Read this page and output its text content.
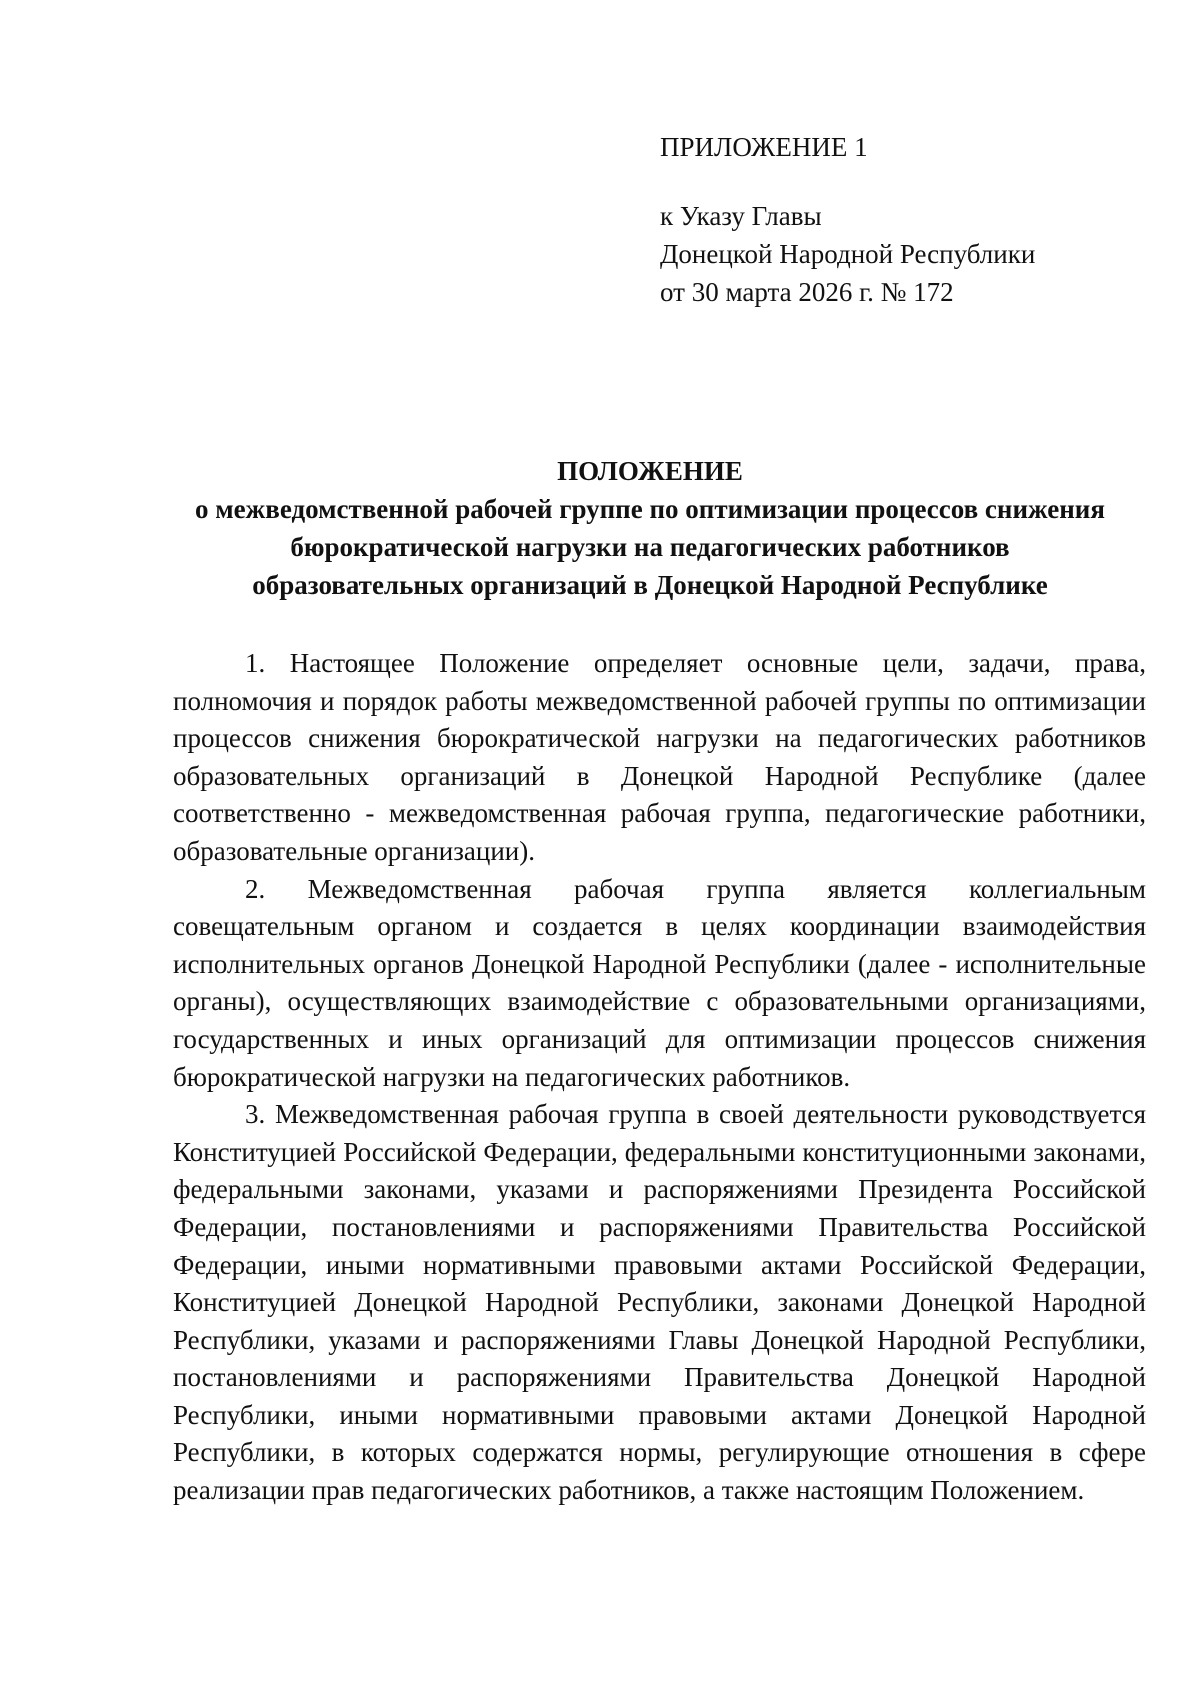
ПРИЛОЖЕНИЕ 1
к Указу Главы
Донецкой Народной Республики
от 30 марта 2026 г. № 172
ПОЛОЖЕНИЕ
о межведомственной рабочей группе по оптимизации процессов снижения
бюрократической нагрузки на педагогических работников
образовательных организаций в Донецкой Народной Республике

1. Настоящее Положение определяет основные цели, задачи, права, полномочия и порядок работы межведомственной рабочей группы по оптимизации процессов снижения бюрократической нагрузки на педагогических работников образовательных организаций в Донецкой Народной Республике (далее соответственно - межведомственная рабочая группа, педагогические работники, образовательные организации).

2. Межведомственная рабочая группа является коллегиальным совещательным органом и создается в целях координации взаимодействия исполнительных органов Донецкой Народной Республики (далее - исполнительные органы), осуществляющих взаимодействие с образовательными организациями, государственных и иных организаций для оптимизации процессов снижения бюрократической нагрузки на педагогических работников.

3. Межведомственная рабочая группа в своей деятельности руководствуется Конституцией Российской Федерации, федеральными конституционными законами, федеральными законами, указами и распоряжениями Президента Российской Федерации, постановлениями и распоряжениями Правительства Российской Федерации, иными нормативными правовыми актами Российской Федерации, Конституцией Донецкой Народной Республики, законами Донецкой Народной Республики, указами и распоряжениями Главы Донецкой Народной Республики, постановлениями и распоряжениями Правительства Донецкой Народной Республики, иными нормативными правовыми актами Донецкой Народной Республики, в которых содержатся нормы, регулирующие отношения в сфере реализации прав педагогических работников, а также настоящим Положением.
